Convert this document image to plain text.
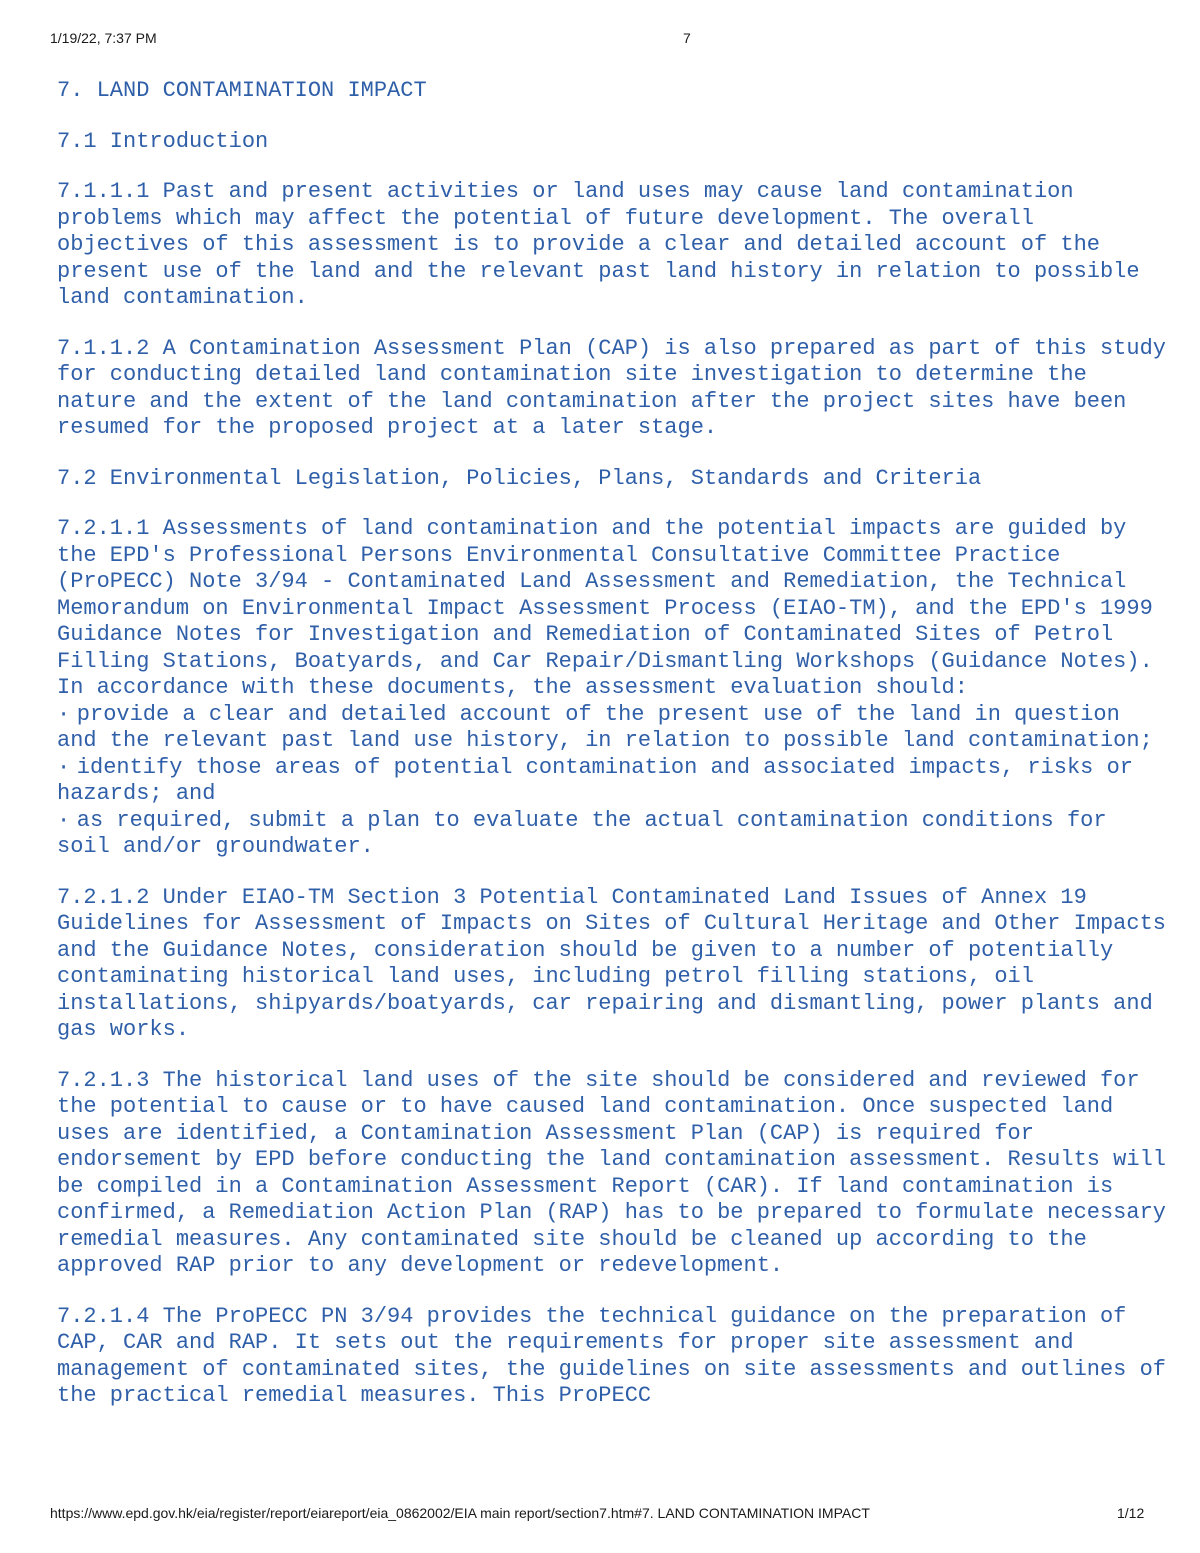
1/19/22, 7:37 PM	7

7. LAND CONTAMINATION IMPACT

7.1 Introduction

7.1.1.1 Past and present activities or land uses may cause land contamination problems which may affect the potential of future development. The overall objectives of this assessment is to provide a clear and detailed account of the present use of the land and the relevant past land history in relation to possible land contamination.

7.1.1.2 A Contamination Assessment Plan (CAP) is also prepared as part of this study for conducting detailed land contamination site investigation to determine the nature and the extent of the land contamination after the project sites have been resumed for the proposed project at a later stage.

7.2 Environmental Legislation, Policies, Plans, Standards and Criteria

7.2.1.1 Assessments of land contamination and the potential impacts are guided by the EPD's Professional Persons Environmental Consultative Committee Practice (ProPECC) Note 3/94 - Contaminated Land Assessment and Remediation, the Technical Memorandum on Environmental Impact Assessment Process (EIAO-TM), and the EPD's 1999 Guidance Notes for Investigation and Remediation of Contaminated Sites of Petrol Filling Stations, Boatyards, and Car Repair/Dismantling Workshops (Guidance Notes). In accordance with these documents, the assessment evaluation should:

· provide a clear and detailed account of the present use of the land in question and the relevant past land use history, in relation to possible land contamination;
· identify those areas of potential contamination and associated impacts, risks or hazards; and
· as required, submit a plan to evaluate the actual contamination conditions for soil and/or groundwater.

7.2.1.2 Under EIAO-TM Section 3 Potential Contaminated Land Issues of Annex 19 Guidelines for Assessment of Impacts on Sites of Cultural Heritage and Other Impacts and the Guidance Notes, consideration should be given to a number of potentially contaminating historical land uses, including petrol filling stations, oil installations, shipyards/boatyards, car repairing and dismantling, power plants and gas works.

7.2.1.3 The historical land uses of the site should be considered and reviewed for the potential to cause or to have caused land contamination. Once suspected land uses are identified, a Contamination Assessment Plan (CAP) is required for endorsement by EPD before conducting the land contamination assessment. Results will be compiled in a Contamination Assessment Report (CAR). If land contamination is confirmed, a Remediation Action Plan (RAP) has to be prepared to formulate necessary remedial measures. Any contaminated site should be cleaned up according to the approved RAP prior to any development or redevelopment.

7.2.1.4 The ProPECC PN 3/94 provides the technical guidance on the preparation of CAP, CAR and RAP. It sets out the requirements for proper site assessment and management of contaminated sites, the guidelines on site assessments and outlines of the practical remedial measures. This ProPECC

https://www.epd.gov.hk/eia/register/report/eiareport/eia_0862002/EIA main report/section7.htm#7. LAND CONTAMINATION IMPACT	1/12
